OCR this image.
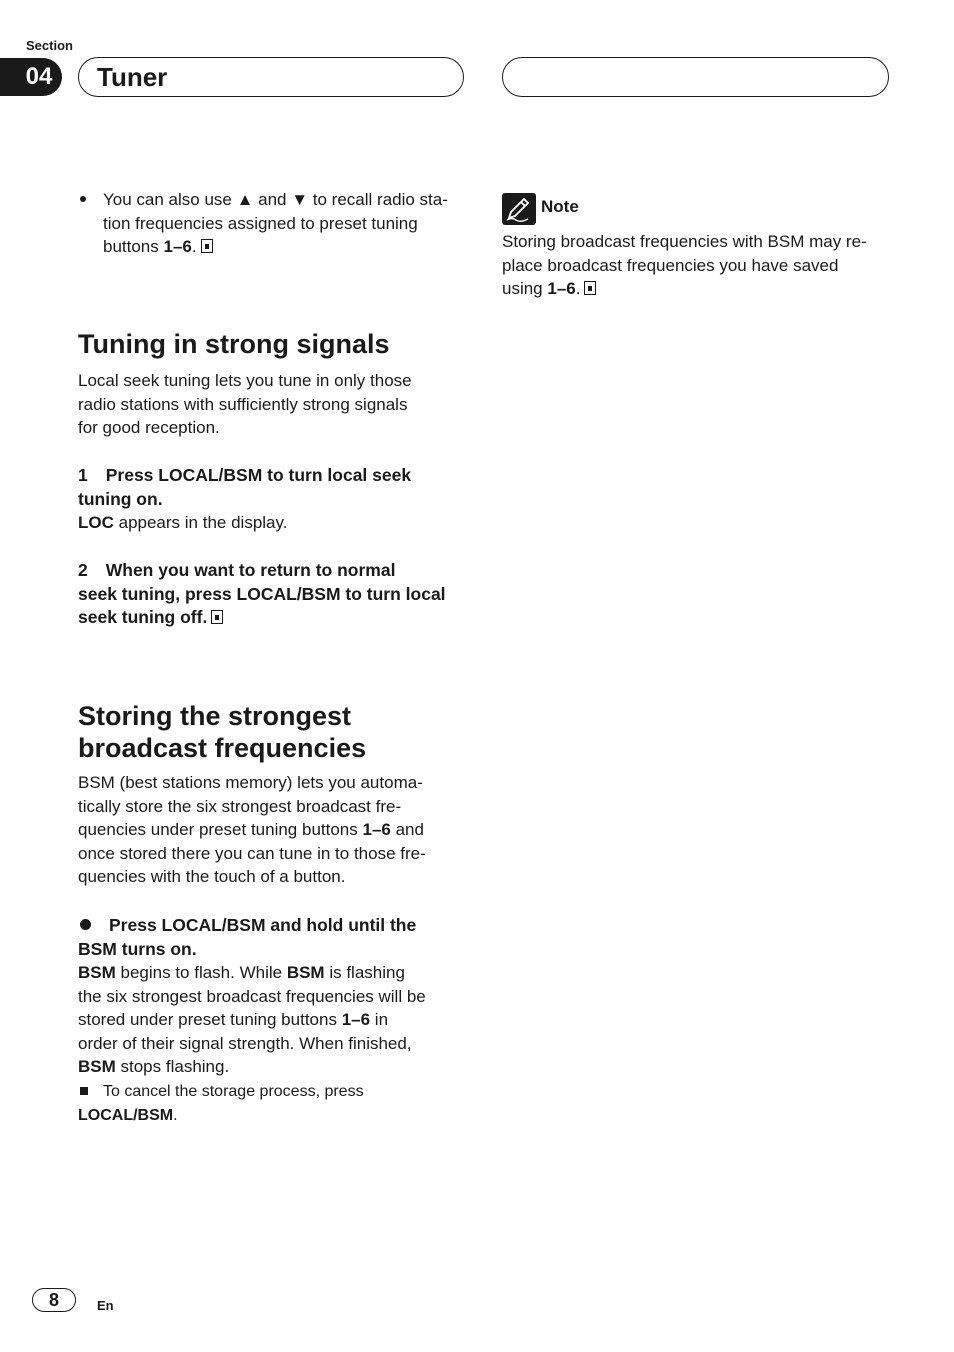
Section
04	Tuner
You can also use ▲ and ▼ to recall radio sta-
tion frequencies assigned to preset tuning
buttons 1–6.
Tuning in strong signals
Local seek tuning lets you tune in only those
radio stations with sufficiently strong signals
for good reception.
1 Press LOCAL/BSM to turn local seek
tuning on.
LOC appears in the display.
2 When you want to return to normal
seek tuning, press LOCAL/BSM to turn local
seek tuning off.
Storing the strongest
broadcast frequencies
BSM (best stations memory) lets you automa-
tically store the six strongest broadcast fre-
quencies under preset tuning buttons 1–6 and
once stored there you can tune in to those fre-
quencies with the touch of a button.
Press LOCAL/BSM and hold until the
BSM turns on.
BSM begins to flash. While BSM is flashing
the six strongest broadcast frequencies will be
stored under preset tuning buttons 1–6 in
order of their signal strength. When finished,
BSM stops flashing.
To cancel the storage process, press
LOCAL/BSM.
Note
Storing broadcast frequencies with BSM may re-
place broadcast frequencies you have saved
using 1–6.
8	En
